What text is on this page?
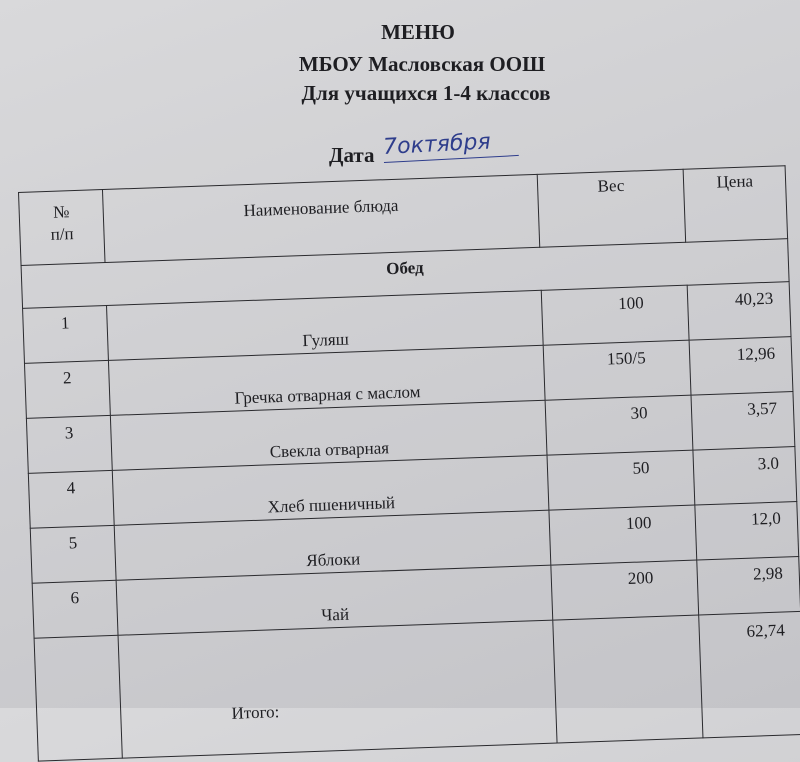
МЕНЮ
МБОУ Масловская ООШ
Для учащихся 1-4 классов
Дата 7октября
№
п/п	Наименование блюда	Вес	Цена
Обед			
1	Гуляш	100	40,23
2	Гречка отварная с маслом	150/5	12,96
3	Свекла отварная	30	3,57
4	Хлеб пшеничный	50	3.0
5	Яблоки	100	12,0
6	Чай	200	2,98
	Итого:		62,74
